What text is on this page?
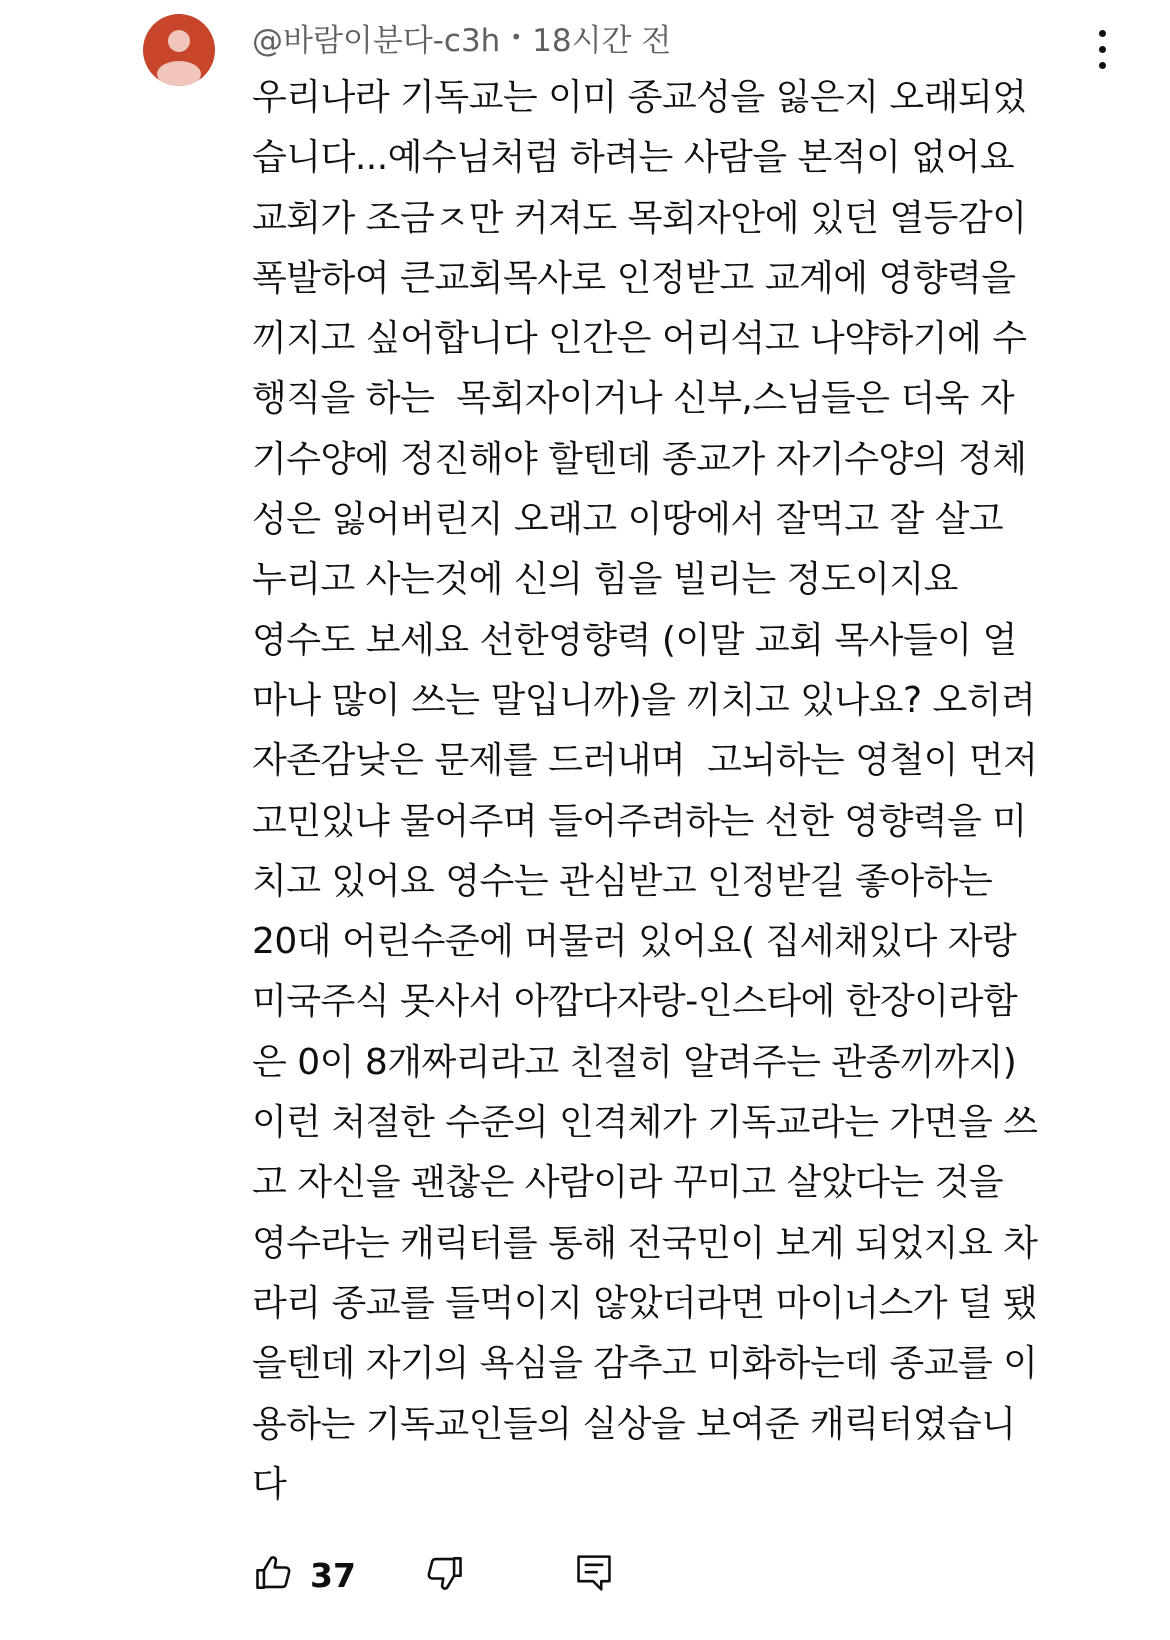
@바람이분다-c3h • 18시간 전
우리나라 기독교는 이미 종교성을 잃은지 오래되었
습니다...예수님처럼 하려는 사람을 본적이 없어요
교회가 조금ㅈ만 커져도 목회자안에 있던 열등감이
폭발하여 큰교회목사로 인정받고 교계에 영향력을
끼지고 싶어합니다 인간은 어리석고 나약하기에 수
행직을 하는  목회자이거나 신부,스님들은 더욱 자
기수양에 정진해야 할텐데 종교가 자기수양의 정체
성은 잃어버린지 오래고 이땅에서 잘먹고 잘 살고
누리고 사는것에 신의 힘을 빌리는 정도이지요
영수도 보세요 선한영향력 (이말 교회 목사들이 얼
마나 많이 쓰는 말입니까)을 끼치고 있나요? 오히려
자존감낮은 문제를 드러내며  고뇌하는 영철이 먼저
고민있냐 물어주며 들어주려하는 선한 영향력을 미
치고 있어요 영수는 관심받고 인정받길 좋아하는
20대 어린수준에 머물러 있어요( 집세채있다 자랑
미국주식 못사서 아깝다자랑-인스타에 한장이라함
은 0이 8개짜리라고 친절히 알려주는 관종끼까지)
이런 처절한 수준의 인격체가 기독교라는 가면을 쓰
고 자신을 괜찮은 사람이라 꾸미고 살았다는 것을
영수라는 캐릭터를 통해 전국민이 보게 되었지요 차
라리 종교를 들먹이지 않았더라면 마이너스가 덜 됐
을텐데 자기의 욕심을 감추고 미화하는데 종교를 이
용하는 기독교인들의 실상을 보여준 캐릭터였습니
다
37
